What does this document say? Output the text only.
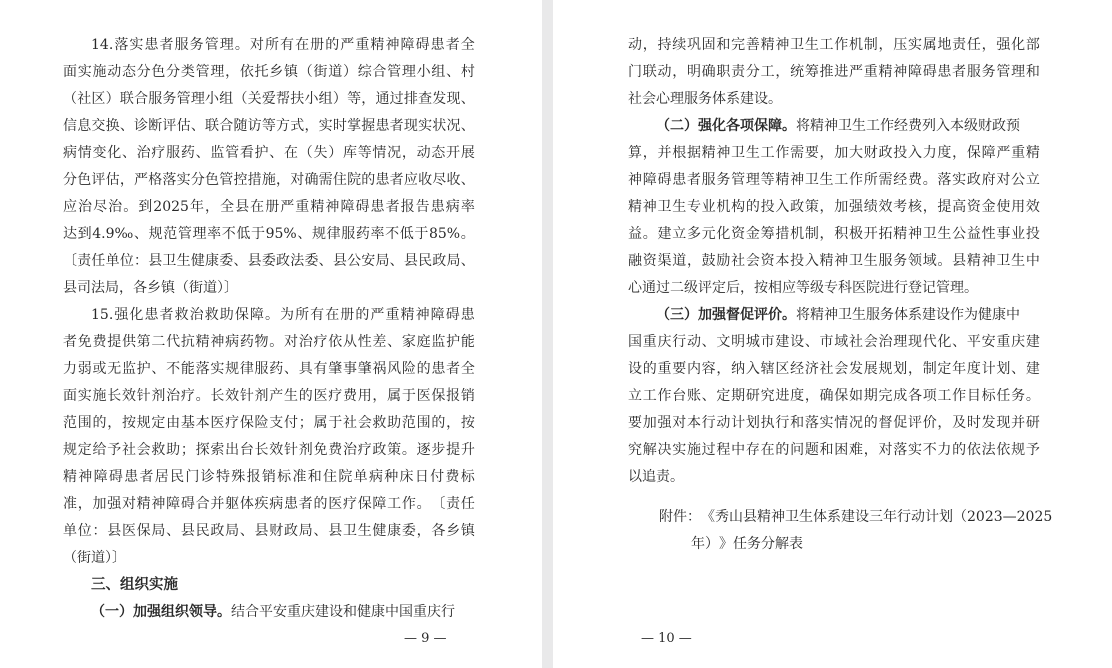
14. 落 实 患 者 服 务 管 理 。 对 所 有 在 册 的 严 重 精 神 障 碍 患 者 全
面 实 施 动 态 分 色 分 类 管 理 ， 依 托 乡 镇 （ 街 道 ） 综 合 管 理 小 组 、 村
（ 社 区 ） 联 合 服 务 管 理 小 组 （ 关 爱 帮 扶 小 组 ） 等 ， 通 过 排 查 发 现 、
信 息 交 换 、 诊 断 评 估 、 联 合 随 访 等 方 式 ， 实 时 掌 握 患 者 现 实 状 况 、
病 情 变 化 、 治 疗 服 药 、 监 管 看 护 、 在 （ 失 ） 库 等 情 况 ， 动 态 开 展
分 色 评 估 ， 严 格 落 实 分 色 管 控 措 施 ， 对 确 需 住 院 的 患 者 应 收 尽 收 、
应 治 尽 治 。 到 2025 年 ， 全 县 在 册 严 重 精 神 障 碍 患 者 报 告 患 病 率
达 到 4.9‰ 、 规 范 管 理 率 不 低 于 95% 、 规 律 服 药 率 不 低 于 85% 。
〔 责 任 单 位 ： 县 卫 生 健 康 委 、 县 委 政 法 委 、 县 公 安 局 、 县 民 政 局 、
县司法局，各乡镇（街道）〕
15. 强 化 患 者 救 治 救 助 保 障 。 为 所 有 在 册 的 严 重 精 神 障 碍 患
者 免 费 提 供 第 二 代 抗 精 神 病 药 物 。 对 治 疗 依 从 性 差 、 家 庭 监 护 能
力 弱 或 无 监 护 、 不 能 落 实 规 律 服 药 、 具 有 肇 事 肇 祸 风 险 的 患 者 全
面 实 施 长 效 针 剂 治 疗 。 长 效 针 剂 产 生 的 医 疗 费 用 ， 属 于 医 保 报 销
范 围 的 ， 按 规 定 由 基 本 医 疗 保 险 支 付 ； 属 于 社 会 救 助 范 围 的 ， 按
规 定 给 予 社 会 救 助 ； 探 索 出 台 长 效 针 剂 免 费 治 疗 政 策 。 逐 步 提 升
精 神 障 碍 患 者 居 民 门 诊 特 殊 报 销 标 准 和 住 院 单 病 种 床 日 付 费 标
准 ， 加 强 对 精 神 障 碍 合 并 躯 体 疾 病 患 者 的 医 疗 保 障 工 作 。 〔 责 任
单 位 ： 县 医 保 局 、 县 民 政 局 、 县 财 政 局 、 县 卫 生 健 康 委 ， 各 乡 镇
（街道）〕
三、组织实施
（一）加强组织领导。结合平安重庆建设和健康中国重庆行
— 9 —
动 ， 持 续 巩 固 和 完 善 精 神 卫 生 工 作 机 制 ， 压 实 属 地 责 任 ， 强 化 部
门 联 动 ， 明 确 职 责 分 工 ， 统 筹 推 进 严 重 精 神 障 碍 患 者 服 务 管 理 和
社会心理服务体系建设。
（二）强化各项保障。将精神卫生工作经费列入本级财政预
算 ， 并 根 据 精 神 卫 生 工 作 需 要 ， 加 大 财 政 投 入 力 度 ， 保 障 严 重 精
神 障 碍 患 者 服 务 管 理 等 精 神 卫 生 工 作 所 需 经 费 。 落 实 政 府 对 公 立
精 神 卫 生 专 业 机 构 的 投 入 政 策 ， 加 强 绩 效 考 核 ， 提 高 资 金 使 用 效
益 。 建 立 多 元 化 资 金 筹 措 机 制 ， 积 极 开 拓 精 神 卫 生 公 益 性 事 业 投
融 资 渠 道 ， 鼓 励 社 会 资 本 投 入 精 神 卫 生 服 务 领 域 。 县 精 神 卫 生 中
心通过二级评定后，按相应等级专科医院进行登记管理。
（三）加强督促评价。将精神卫生服务体系建设作为健康中
国 重 庆 行 动 、 文 明 城 市 建 设 、 市 域 社 会 治 理 现 代 化 、 平 安 重 庆 建
设 的 重 要 内 容 ， 纳 入 辖 区 经 济 社 会 发 展 规 划 ， 制 定 年 度 计 划 、 建
立 工 作 台 账 、 定 期 研 究 进 度 ， 确 保 如 期 完 成 各 项 工 作 目 标 任 务 。
要 加 强 对 本 行 动 计 划 执 行 和 落 实 情 况 的 督 促 评 价 ， 及 时 发 现 并 研
究 解 决 实 施 过 程 中 存 在 的 问 题 和 困 难 ， 对 落 实 不 力 的 依 法 依 规 予
以追责。
附件：《秀山县精神卫生体系建设三年行动计划（2023—2025
年）》任务分解表
— 10 —
